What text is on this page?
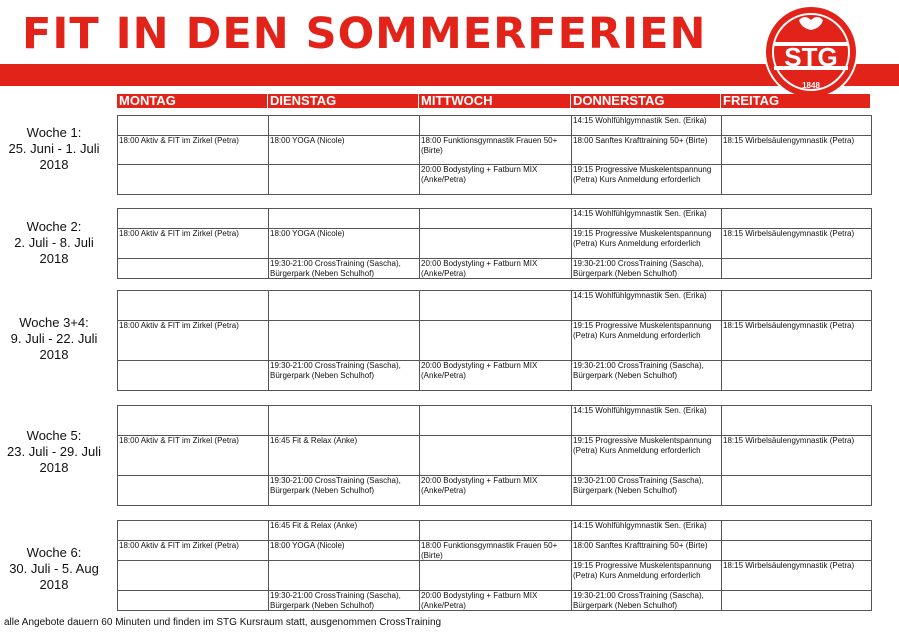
FIT IN DEN SOMMERFERIEN	STG
1848
MONTAG	DIENSTAG	MITTWOCH	DONNERSTAG	FREITAG
Woche 1:
25. Juni - 1. Juli
2018
			14:15 Wohlfühlgymnastik Sen. (Erika)	
18:00 Aktiv & FIT im Zirkel (Petra)	18:00 YOGA (Nicole)	18:00 Funktionsgymnastik Frauen 50+ (Birte)	18:00 Sanftes Krafttraining 50+ (Birte)	18:15 Wirbelsäulengymnastik (Petra)
		20:00 Bodystyling + Fatburn MIX (Anke/Petra)	19:15 Progressive Muskelentspannung (Petra) Kurs Anmeldung erforderlich	
Woche 2:
2. Juli - 8. Juli
2018
			14:15 Wohlfühlgymnastik Sen. (Erika)	
18:00 Aktiv & FIT im Zirkel (Petra)	18:00 YOGA (Nicole)		19:15 Progressive Muskelentspannung (Petra) Kurs Anmeldung erforderlich	18:15 Wirbelsäulengymnastik (Petra)
	19:30-21:00 CrossTraining (Sascha), Bürgerpark (Neben Schulhof)	20:00 Bodystyling + Fatburn MIX (Anke/Petra)	19:30-21:00 CrossTraining (Sascha), Bürgerpark (Neben Schulhof)	
Woche 3+4:
9. Juli - 22. Juli
2018
			14:15 Wohlfühlgymnastik Sen. (Erika)	
18:00 Aktiv & FIT im Zirkel (Petra)			19:15 Progressive Muskelentspannung (Petra) Kurs Anmeldung erforderlich	18:15 Wirbelsäulengymnastik (Petra)
	19:30-21:00 CrossTraining (Sascha), Bürgerpark (Neben Schulhof)	20:00 Bodystyling + Fatburn MIX (Anke/Petra)	19:30-21:00 CrossTraining (Sascha), Bürgerpark (Neben Schulhof)	
Woche 5:
23. Juli - 29. Juli
2018
			14:15 Wohlfühlgymnastik Sen. (Erika)	
18:00 Aktiv & FIT im Zirkel (Petra)	16:45 Fit & Relax (Anke)		19:15 Progressive Muskelentspannung (Petra) Kurs Anmeldung erforderlich	18:15 Wirbelsäulengymnastik (Petra)
	19:30-21:00 CrossTraining (Sascha), Bürgerpark (Neben Schulhof)	20:00 Bodystyling + Fatburn MIX (Anke/Petra)	19:30-21:00 CrossTraining (Sascha), Bürgerpark (Neben Schulhof)	
Woche 6:
30. Juli - 5. Aug
2018
	16:45 Fit & Relax (Anke)		14:15 Wohlfühlgymnastik Sen. (Erika)	
18:00 Aktiv & FIT im Zirkel (Petra)	18:00 YOGA (Nicole)	18:00 Funktionsgymnastik Frauen 50+ (Birte)	18:00 Sanftes Krafttraining 50+ (Birte)	
			19:15 Progressive Muskelentspannung (Petra) Kurs Anmeldung erforderlich	18:15 Wirbelsäulengymnastik (Petra)
	19:30-21:00 CrossTraining (Sascha), Bürgerpark (Neben Schulhof)	20:00 Bodystyling + Fatburn MIX (Anke/Petra)	19:30-21:00 CrossTraining (Sascha), Bürgerpark (Neben Schulhof)	
alle Angebote dauern 60 Minuten und finden im STG Kursraum statt, ausgenommen CrossTraining
